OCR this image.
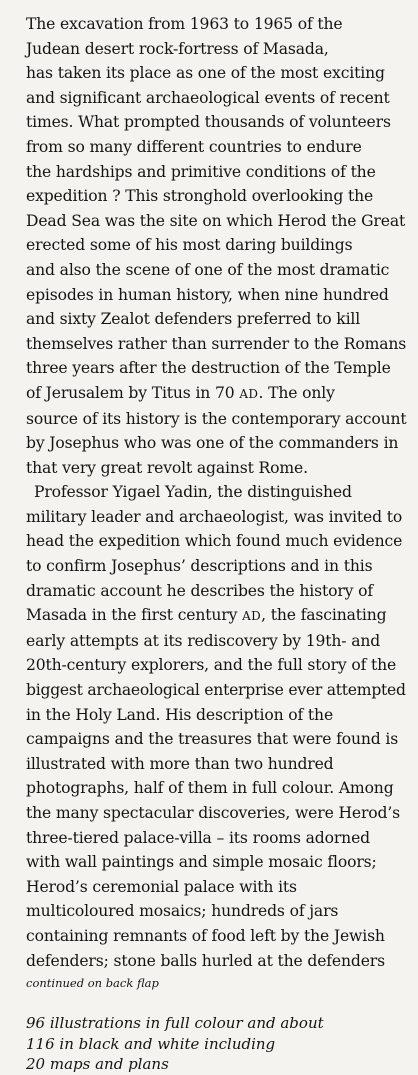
The excavation from 1963 to 1965 of the
Judean desert rock-fortress of Masada,
has taken its place as one of the most exciting
and significant archaeological events of recent
times. What prompted thousands of volunteers
from so many different countries to endure
the hardships and primitive conditions of the
expedition ? This stronghold overlooking the
Dead Sea was the site on which Herod the Great
erected some of his most daring buildings
and also the scene of one of the most dramatic
episodes in human history, when nine hundred
and sixty Zealot defenders preferred to kill
themselves rather than surrender to the Romans
three years after the destruction of the Temple
of Jerusalem by Titus in 70 AD. The only
source of its history is the contemporary account
by Josephus who was one of the commanders in
that very great revolt against Rome.

Professor Yigael Yadin, the distinguished
military leader and archaeologist, was invited to
head the expedition which found much evidence
to confirm Josephus’ descriptions and in this
dramatic account he describes the history of
Masada in the first century AD, the fascinating
early attempts at its rediscovery by 19th- and
20th-century explorers, and the full story of the
biggest archaeological enterprise ever attempted
in the Holy Land. His description of the
campaigns and the treasures that were found is
illustrated with more than two hundred
photographs, half of them in full colour. Among
the many spectacular discoveries, were Herod’s
three-tiered palace-villa – its rooms adorned
with wall paintings and simple mosaic floors;
Herod’s ceremonial palace with its
multicoloured mosaics; hundreds of jars
containing remnants of food left by the Jewish
defenders; stone balls hurled at the defenders

continued on back flap

96 illustrations in full colour and about
116 in black and white including
20 maps and plans
